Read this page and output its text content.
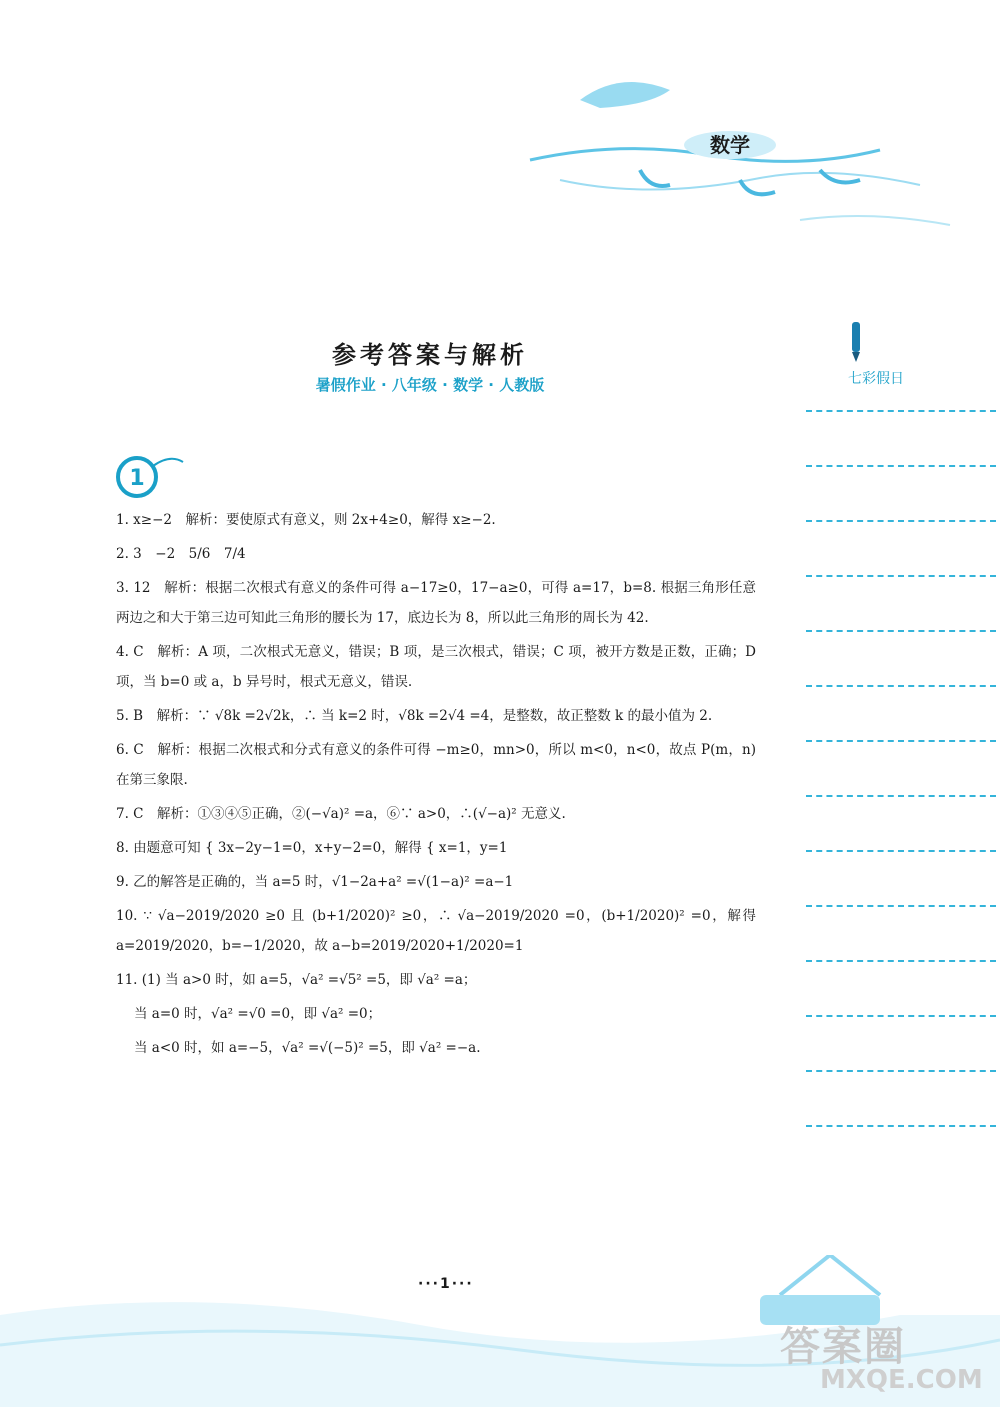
数学
七彩假日
参考答案与解析
暑假作业 · 八年级 · 数学 · 人教版
1

1. x≥−2　解析：要使原式有意义，则 2x+4≥0，解得 x≥−2.

2. 3　−2　5/6　7/4

3. 12　解析：根据二次根式有意义的条件可得 a−17≥0，17−a≥0，可得 a=17，b=8. 根据三角形任意两边之和大于第三边可知此三角形的腰长为 17，底边长为 8，所以此三角形的周长为 42.

4. C　解析：A 项，二次根式无意义，错误；B 项，是三次根式，错误；C 项，被开方数是正数，正确；D 项，当 b=0 或 a，b 异号时，根式无意义，错误.

5. B　解析：∵ √8k =2√2k，∴ 当 k=2 时，√8k =2√4 =4，是整数，故正整数 k 的最小值为 2.

6. C　解析：根据二次根式和分式有意义的条件可得 −m≥0，mn>0，所以 m<0，n<0，故点 P(m，n) 在第三象限.

7. C　解析：①③④⑤正确，②(−√a)² =a，⑥∵ a>0，∴(√−a)² 无意义.

8. 由题意可知 { 3x−2y−1=0，x+y−2=0，解得 { x=1，y=1

9. 乙的解答是正确的，当 a=5 时，√1−2a+a² =√(1−a)² =a−1

10. ∵ √a−2019/2020 ≥0 且 (b+1/2020)² ≥0，∴ √a−2019/2020 =0，(b+1/2020)² =0，解得 a=2019/2020，b=−1/2020，故 a−b=2019/2020+1/2020=1

11. (1) 当 a>0 时，如 a=5，√a² =√5² =5，即 √a² =a；

当 a=0 时，√a² =√0 =0，即 √a² =0；

当 a<0 时，如 a=−5，√a² =√(−5)² =5，即 √a² =−a.

···1···
答案圈
MXQE.COM
